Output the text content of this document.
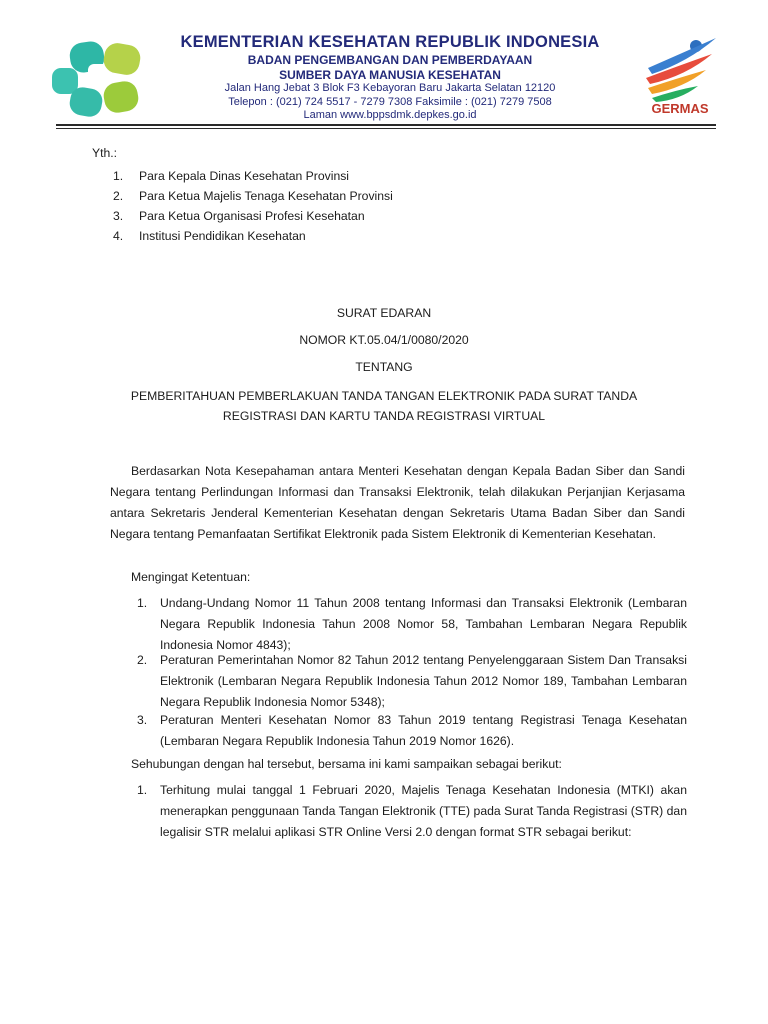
KEMENTERIAN KESEHATAN REPUBLIK INDONESIA
BADAN PENGEMBANGAN DAN PEMBERDAYAAN
SUMBER DAYA MANUSIA KESEHATAN
Jalan Hang Jebat 3 Blok F3 Kebayoran Baru Jakarta Selatan 12120
Telepon : (021) 724 5517 - 7279 7308 Faksimile : (021) 7279 7508
Laman www.bppsdmk.depkes.go.id	GERMAS
Yth.:
1. Para Kepala Dinas Kesehatan Provinsi
2. Para Ketua Majelis Tenaga Kesehatan Provinsi
3. Para Ketua Organisasi Profesi Kesehatan
4. Institusi Pendidikan Kesehatan
SURAT EDARAN
NOMOR KT.05.04/1/0080/2020
TENTANG
PEMBERITAHUAN PEMBERLAKUAN TANDA TANGAN ELEKTRONIK PADA SURAT TANDA
REGISTRASI DAN KARTU TANDA REGISTRASI VIRTUAL
Berdasarkan Nota Kesepahaman antara Menteri Kesehatan dengan Kepala Badan Siber dan Sandi Negara tentang Perlindungan Informasi dan Transaksi Elektronik, telah dilakukan Perjanjian Kerjasama antara Sekretaris Jenderal Kementerian Kesehatan dengan Sekretaris Utama Badan Siber dan Sandi Negara tentang Pemanfaatan Sertifikat Elektronik pada Sistem Elektronik di Kementerian Kesehatan.
Mengingat Ketentuan:
1.	Undang-Undang Nomor 11 Tahun 2008 tentang Informasi dan Transaksi Elektronik (Lembaran Negara Republik Indonesia Tahun 2008 Nomor 58, Tambahan Lembaran Negara Republik Indonesia Nomor 4843);
2.	Peraturan Pemerintahan Nomor 82 Tahun 2012 tentang Penyelenggaraan Sistem Dan Transaksi Elektronik (Lembaran Negara Republik Indonesia Tahun 2012 Nomor 189, Tambahan Lembaran Negara Republik Indonesia Nomor 5348);
3.	Peraturan Menteri Kesehatan Nomor 83 Tahun 2019 tentang Registrasi Tenaga Kesehatan (Lembaran Negara Republik Indonesia Tahun 2019 Nomor 1626).
Sehubungan dengan hal tersebut, bersama ini kami sampaikan sebagai berikut:
1.	Terhitung mulai tanggal 1 Februari 2020, Majelis Tenaga Kesehatan Indonesia (MTKI) akan menerapkan penggunaan Tanda Tangan Elektronik (TTE) pada Surat Tanda Registrasi (STR) dan legalisir STR melalui aplikasi STR Online Versi 2.0 dengan format STR sebagai berikut:
